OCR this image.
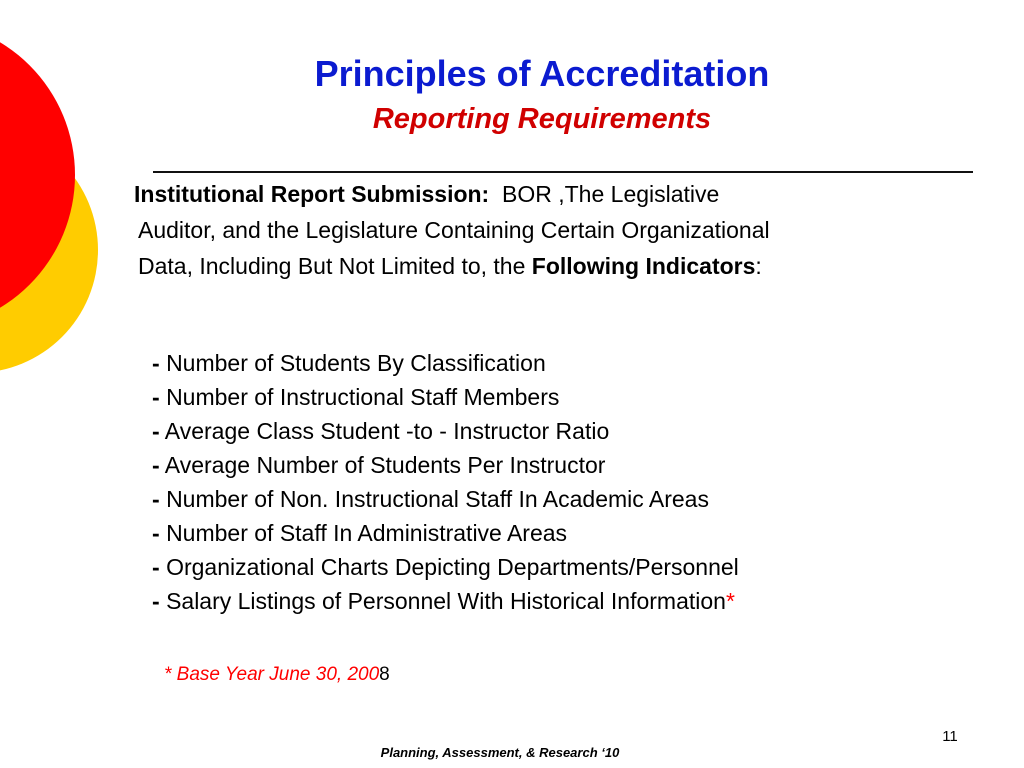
Principles of Accreditation
Reporting Requirements
Institutional Report Submission:  BOR ,The Legislative
Auditor, and the Legislature Containing Certain Organizational
Data, Including But Not Limited to, the Following Indicators:
- Number of Students By Classification
- Number of Instructional Staff Members
- Average Class Student -to - Instructor Ratio
- Average Number of Students Per Instructor
- Number of Non. Instructional Staff In Academic Areas
- Number of Staff In Administrative Areas
- Organizational Charts Depicting Departments/Personnel
- Salary Listings of Personnel With Historical Information*
* Base Year June 30, 2008
11
Planning, Assessment, & Research ‘10
